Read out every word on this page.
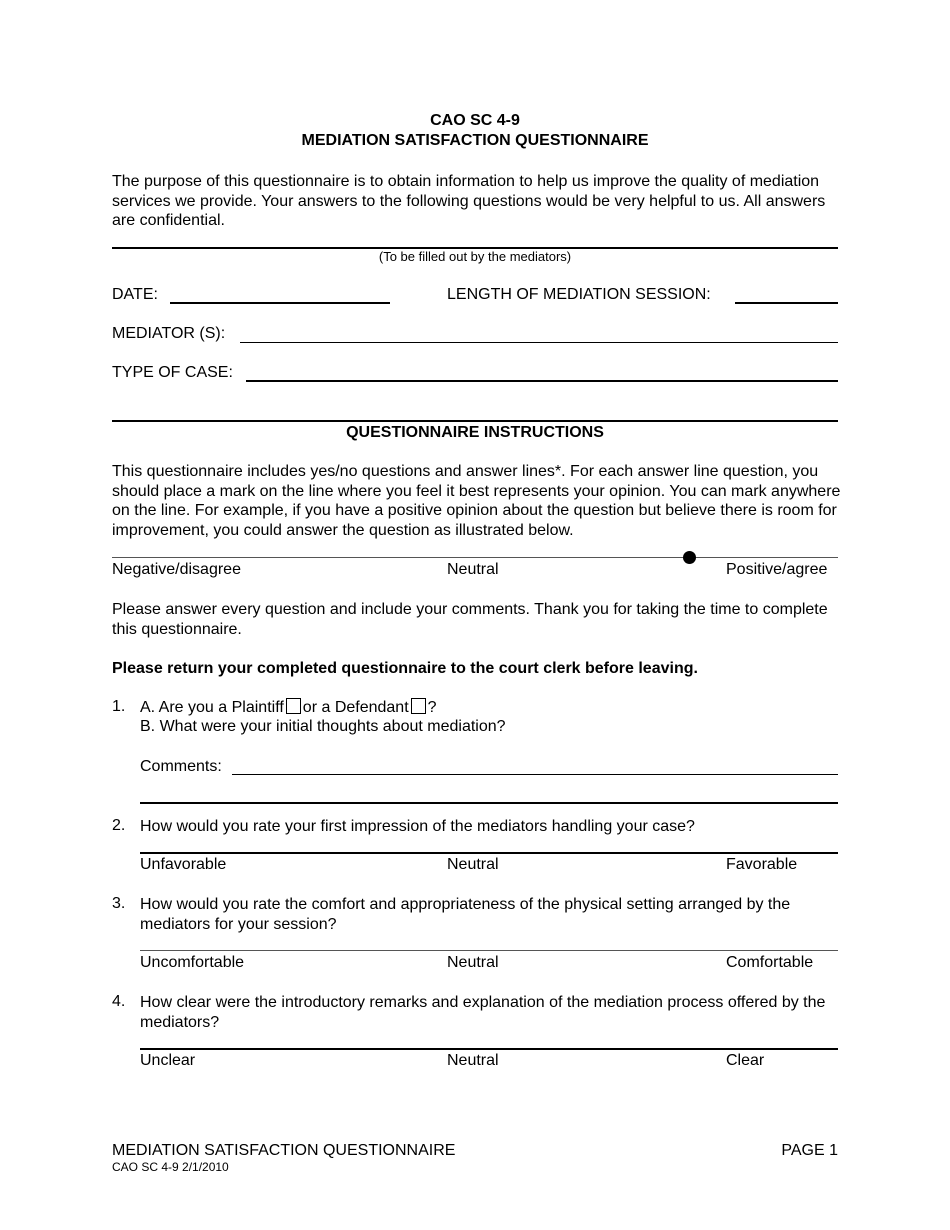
CAO SC 4-9
MEDIATION SATISFACTION QUESTIONNAIRE
The purpose of this questionnaire is to obtain information to help us improve the quality of mediation services we provide. Your answers to the following questions would be very helpful to us. All answers are confidential.
(To be filled out by the mediators)
DATE:	LENGTH OF MEDIATION SESSION:
MEDIATOR (S):
TYPE OF CASE:
QUESTIONNAIRE INSTRUCTIONS
This questionnaire includes yes/no questions and answer lines*. For each answer line question, you should place a mark on the line where you feel it best represents your opinion. You can mark anywhere on the line. For example, if you have a positive opinion about the question but believe there is room for improvement, you could answer the question as illustrated below.
Negative/disagree	Neutral	Positive/agree
Please answer every question and include your comments. Thank you for taking the time to complete this questionnaire.
Please return your completed questionnaire to the court clerk before leaving.
1. A. Are you a Plaintiff or a Defendant ?
B. What were your initial thoughts about mediation?
Comments:
2. How would you rate your first impression of the mediators handling your case?
Unfavorable	Neutral	Favorable
3. How would you rate the comfort and appropriateness of the physical setting arranged by the mediators for your session?
Uncomfortable	Neutral	Comfortable
4. How clear were the introductory remarks and explanation of the mediation process offered by the mediators?
Unclear	Neutral	Clear
MEDIATION SATISFACTION QUESTIONNAIRE
CAO SC 4-9 2/1/2010
PAGE 1
